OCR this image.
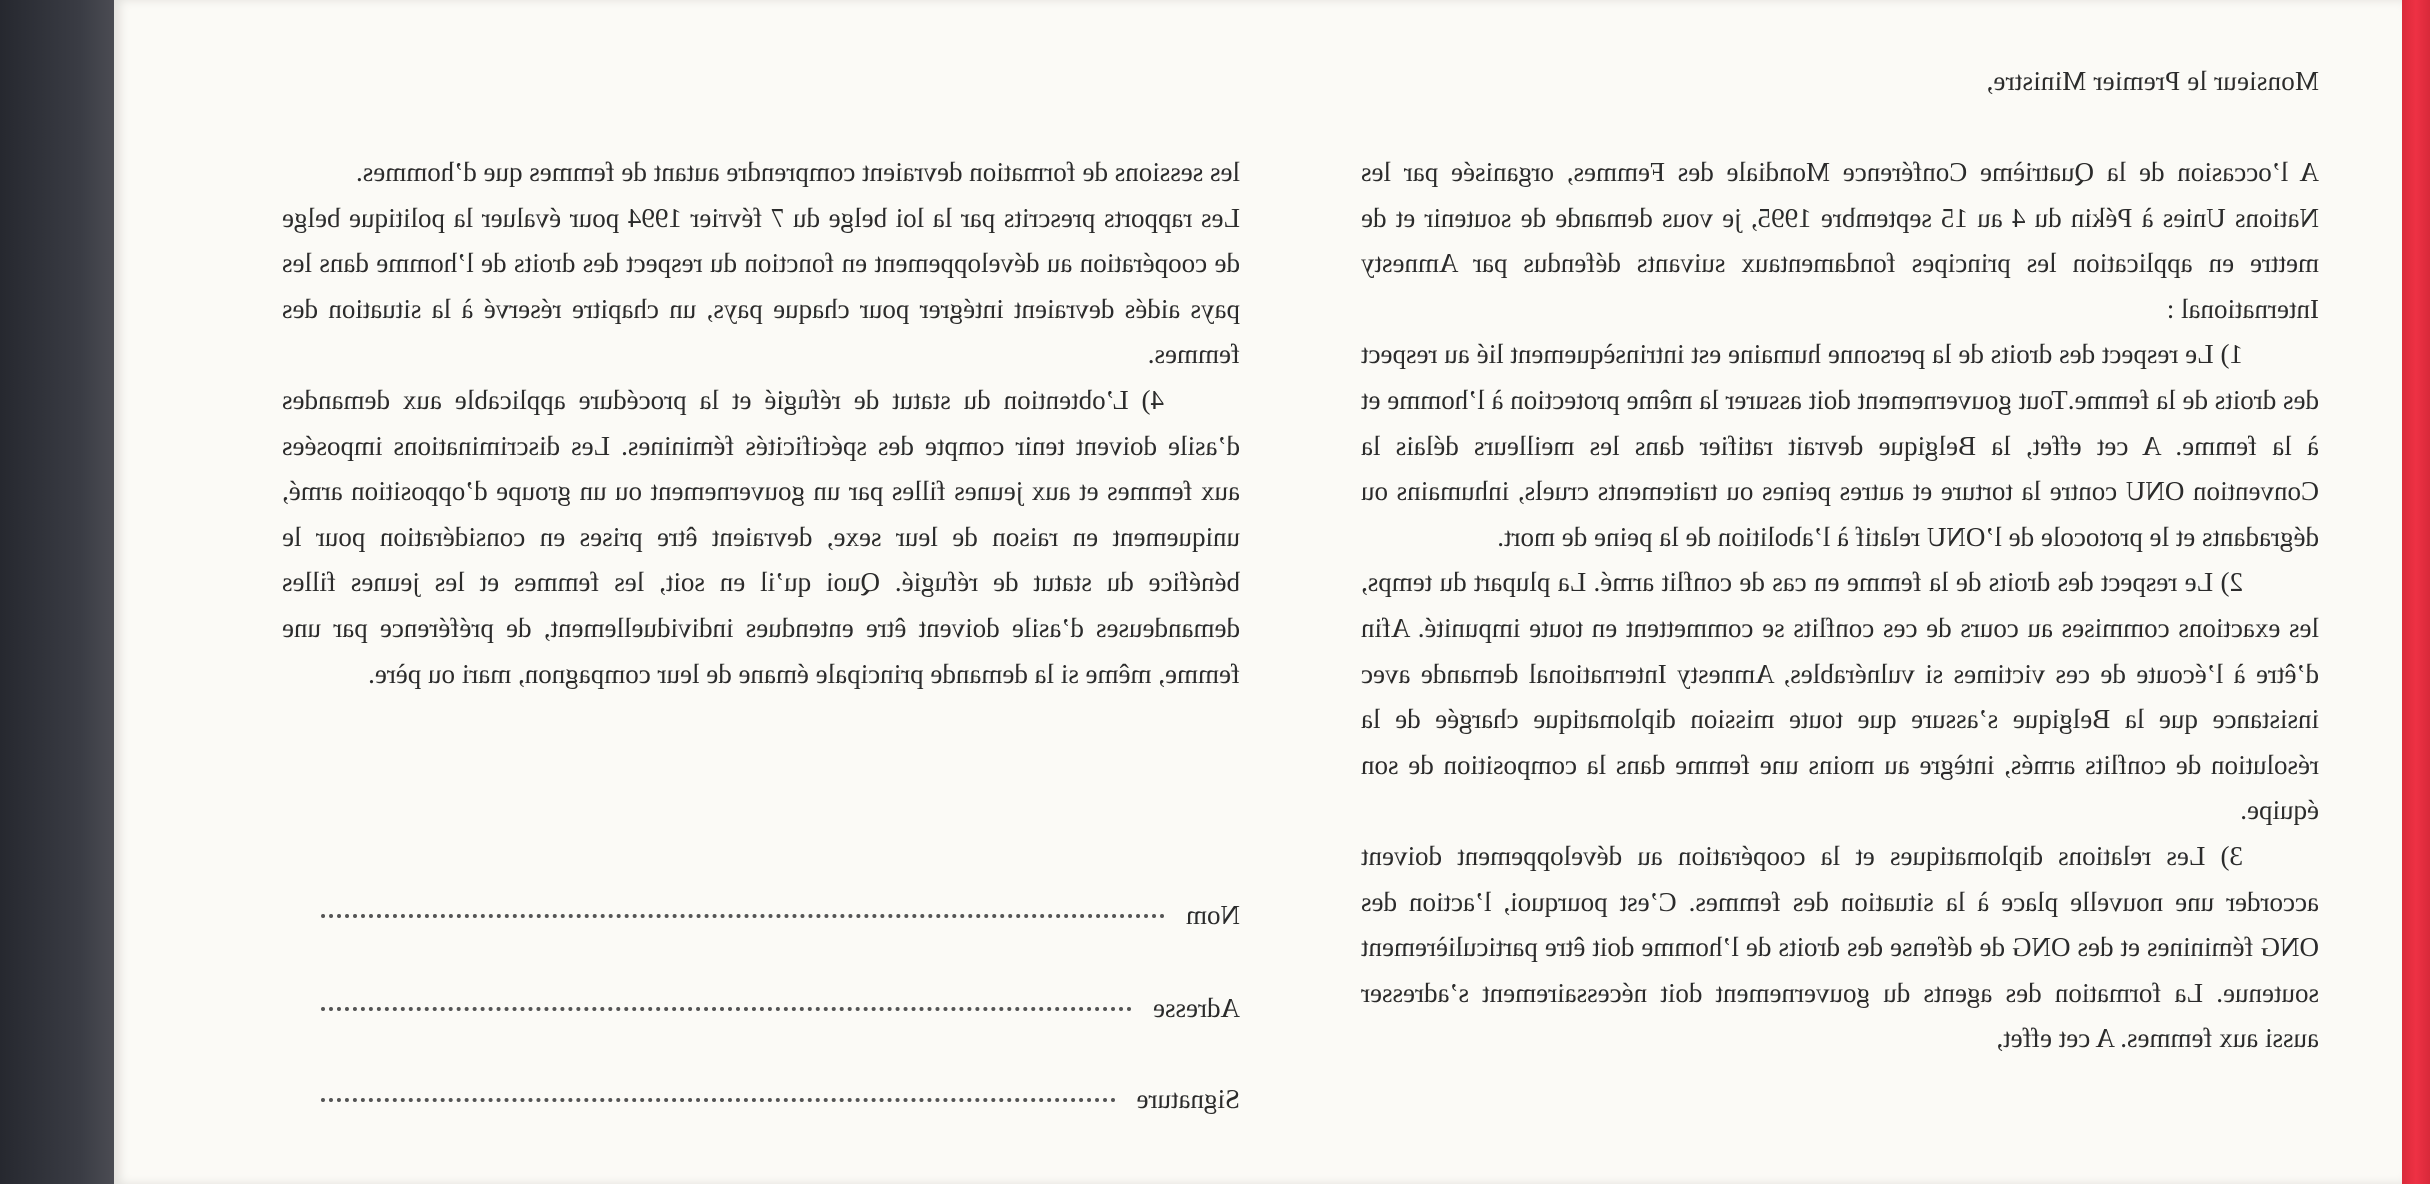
Monsieur le Premier Ministre,

A l’occasion de la Quatrième Conférence Mondiale des Femmes, organisée par les Nations Unies à Pékin du 4 au 15 septembre 1995, je vous demande de soutenir et de mettre en application les principes fondamentaux suivants défendus par Amnesty International :

1) Le respect des droits de la personne humaine est intrinsèquement lié au respect des droits de la femme.Tout gouvernement doit assurer la même protection à l’homme et à la femme. A cet effet, la Belgique devrait ratifier dans les meilleurs délais la Convention ONU contre la torture et autres peines ou traitements cruels, inhumains ou dégradants et le protocole de l’ONU relatif à l’abolition de la peine de mort.

2) Le respect des droits de la femme en cas de conflit armé. La plupart du temps, les exactions commises au cours de ces conflits se commettent en toute impunité. Afin d’être à l’écoute de ces victimes si vulnérables, Amnesty International demande avec insistance que la Belgique s’assure que toute mission diplomatique chargée de la résolution de conflits armés, intègre au moins une femme dans la composition de son équipe.

3) Les relations diplomatiques et la coopération au développement doivent accorder une nouvelle place à la situation des femmes. C’est pourquoi, l’action des ONG féminines et des ONG de défense des droits de l’homme doit être particulièrement soutenue. La formation des agents du gouvernement doit nécessairement s’adresser aussi aux femmes. A cet effet,

les sessions de formation devraient comprendre autant de femmes que d’hommes.

Les rapports prescrits par la loi belge du 7 février 1994 pour évaluer la politique belge de coopération au développement en fonction du respect des droits de l’homme dans les pays aidés devraient intégrer pour chaque pays, un chapitre réservé à la situation des femmes.

4) L’obtention du statut de réfugié et la procédure applicable aux demandes d’asile doivent tenir compte des spécificités féminines. Les discriminations imposées aux femmes et aux jeunes filles par un gouvernement ou un groupe d’opposition armé, uniquement en raison de leur sexe, devraient être prises en considération pour le bénéfice du statut de réfugié. Quoi qu’il en soit, les femmes et les jeunes filles demandeuses d’asile doivent être entendues individuellement, de préférence par une femme, même si la demande principale émane de leur compagnon, mari ou père.

Nom
Adresse
Signature
